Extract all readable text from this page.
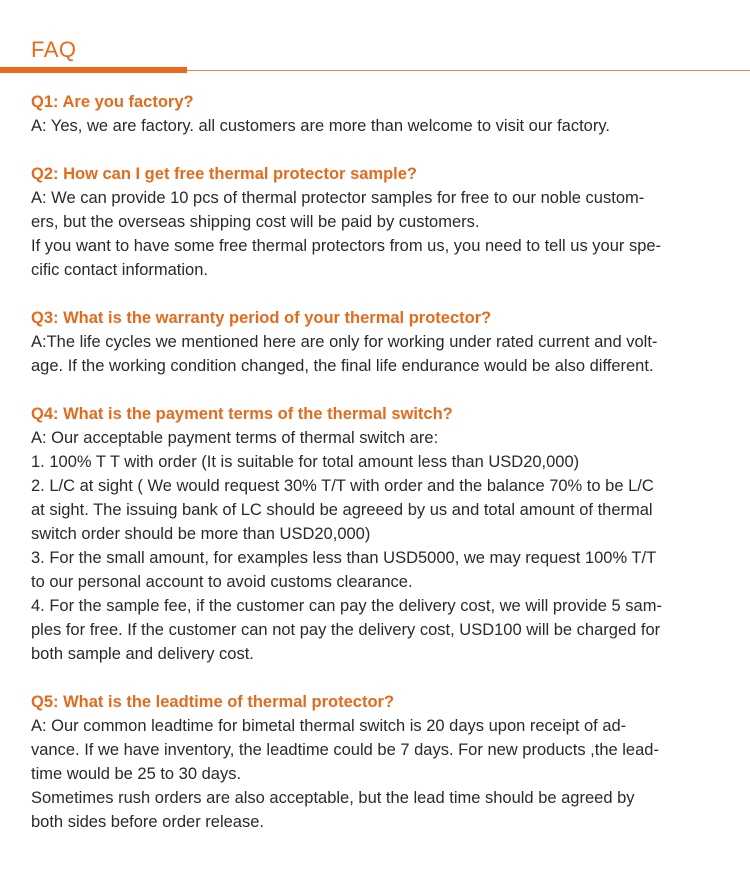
FAQ

Q1: Are you factory?

A: Yes, we are factory. all customers are more than welcome to visit our factory.

Q2: How can I get free thermal protector sample?

A: We can provide 10 pcs of thermal protector samples for free to our noble custom-

ers, but the overseas shipping cost will be paid by customers.

If you want to have some free thermal protectors from us, you need to tell us your spe-

cific contact information.

Q3: What is the warranty period of your thermal protector?

A:The life cycles we mentioned here are only for working under rated current and volt-

age. If the working condition changed, the final life endurance would be also different.

Q4: What is the payment terms of the thermal switch?

A: Our acceptable payment terms of thermal switch are:

1. 100% T T with order (It is suitable for total amount less than USD20,000)

2. L/C at sight ( We would request 30% T/T with order and the balance 70% to be L/C

at sight. The issuing bank of LC should be agreeed by us and total amount of thermal

switch order should be more than USD20,000)

3. For the small amount, for examples less than USD5000, we may request 100% T/T

to our personal account to avoid customs clearance.

4. For the sample fee, if the customer can pay the delivery cost, we will provide 5 sam-

ples for free. If the customer can not pay the delivery cost, USD100 will be charged for

both sample and delivery cost.

Q5: What is the leadtime of thermal protector?

A: Our common leadtime for bimetal thermal switch is 20 days upon receipt of ad-

vance. If we have inventory, the leadtime could be 7 days. For new products ,the lead-

time would be 25 to 30 days.

Sometimes rush orders are also acceptable, but the lead time should be agreed by

both sides before order release.
